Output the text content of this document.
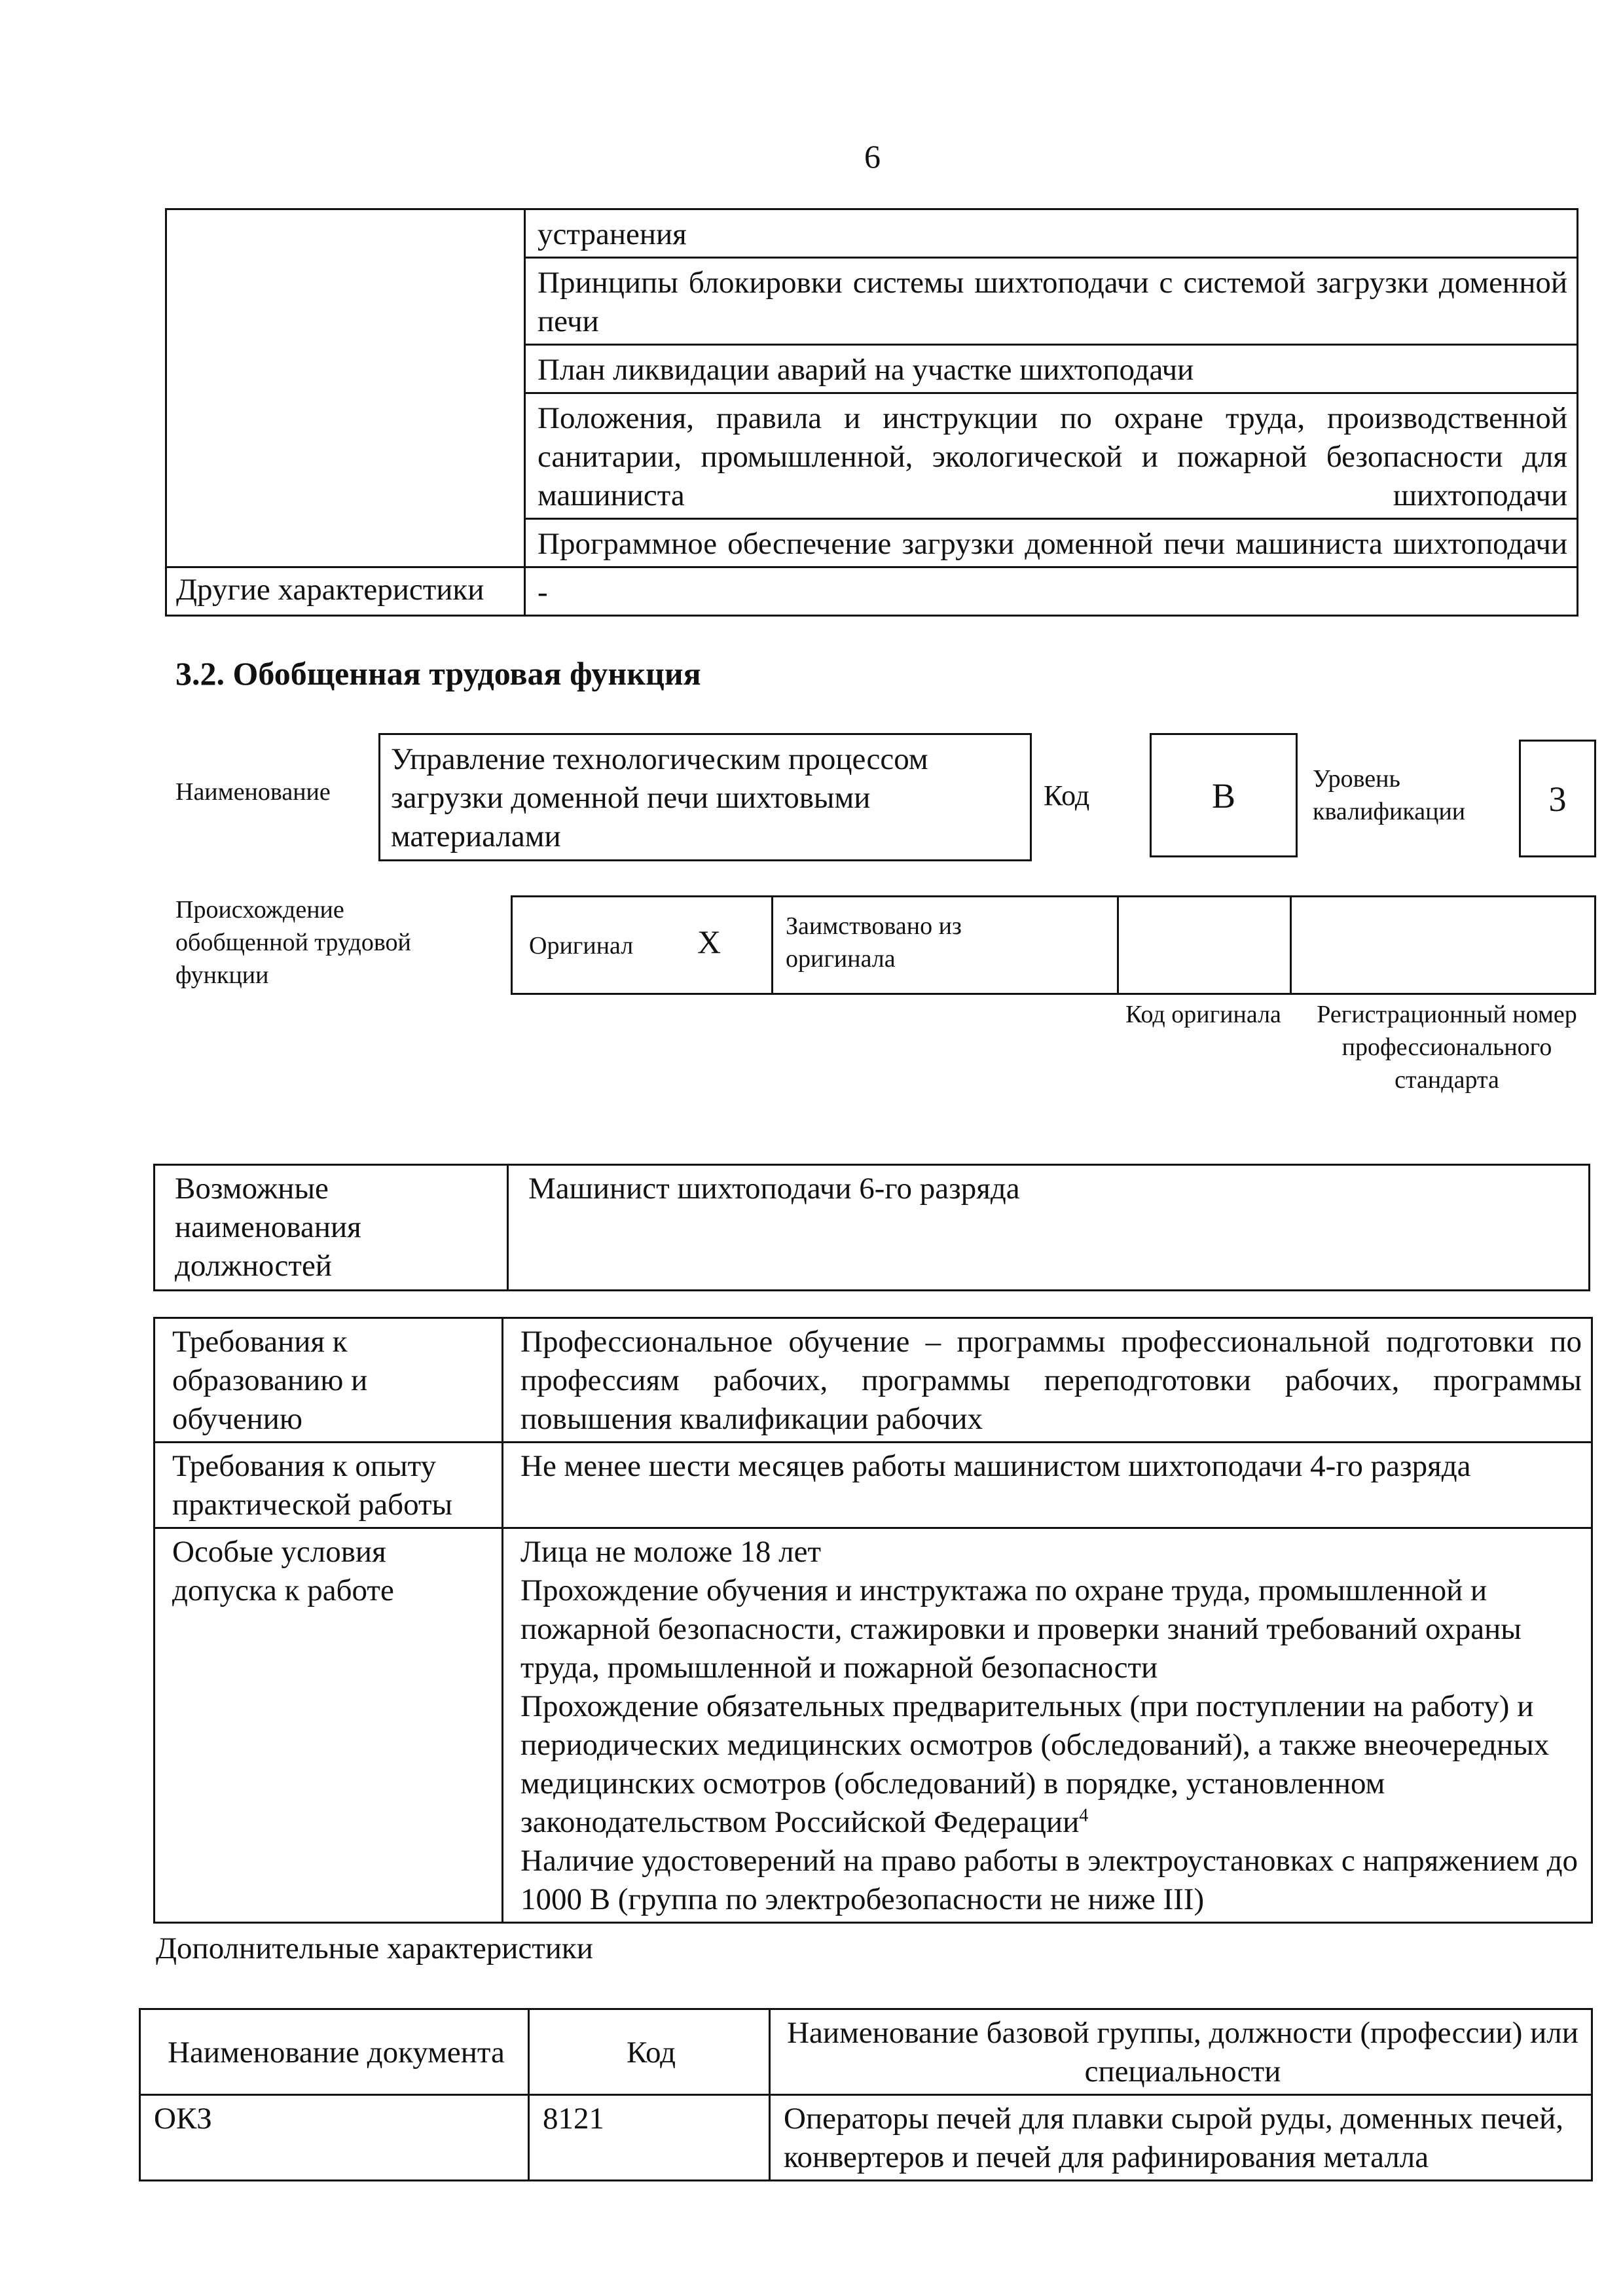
6
	устранения
	Принципы блокировки системы шихтоподачи с системой загрузки доменной печи
	План ликвидации аварий на участке шихтоподачи
	Положения, правила и инструкции по охране труда, производственной санитарии, промышленной, экологической и пожарной безопасности для машиниста шихтоподачи
	Программное обеспечение загрузки доменной печи машиниста шихтоподачи
Другие характеристики	-
3.2. Обобщенная трудовая функция
Наименование
Управление технологическим процессом загрузки доменной печи шихтовыми материалами
Код	B	Уровень квалификации	3
Происхождение обобщенной трудовой функции
Оригинал X	Заимствовано из оригинала
Код оригинала Регистрационный номер профессионального стандарта
Возможные наименования должностей	Машинист шихтоподачи 6-го разряда
Требования к образованию и обучению	Профессиональное обучение – программы профессиональной подготовки по профессиям рабочих, программы переподготовки рабочих, программы повышения квалификации рабочих
Требования к опыту практической работы	Не менее шести месяцев работы машинистом шихтоподачи 4-го разряда
Особые условия допуска к работе	Лица не моложе 18 лет
Прохождение обучения и инструктажа по охране труда, промышленной и пожарной безопасности, стажировки и проверки знаний требований охраны труда, промышленной и пожарной безопасности
Прохождение обязательных предварительных (при поступлении на работу) и периодических медицинских осмотров (обследований), а также внеочередных медицинских осмотров (обследований) в порядке, установленном законодательством Российской Федерации$^4$
Наличие удостоверений на право работы в электроустановках с напряжением до 1000 В (группа по электробезопасности не ниже III)
Дополнительные характеристики
Наименование документа	Код	Наименование базовой группы, должности (профессии) или специальности
ОКЗ	8121	Операторы печей для плавки сырой руды, доменных печей, конвертеров и печей для рафинирования металла
